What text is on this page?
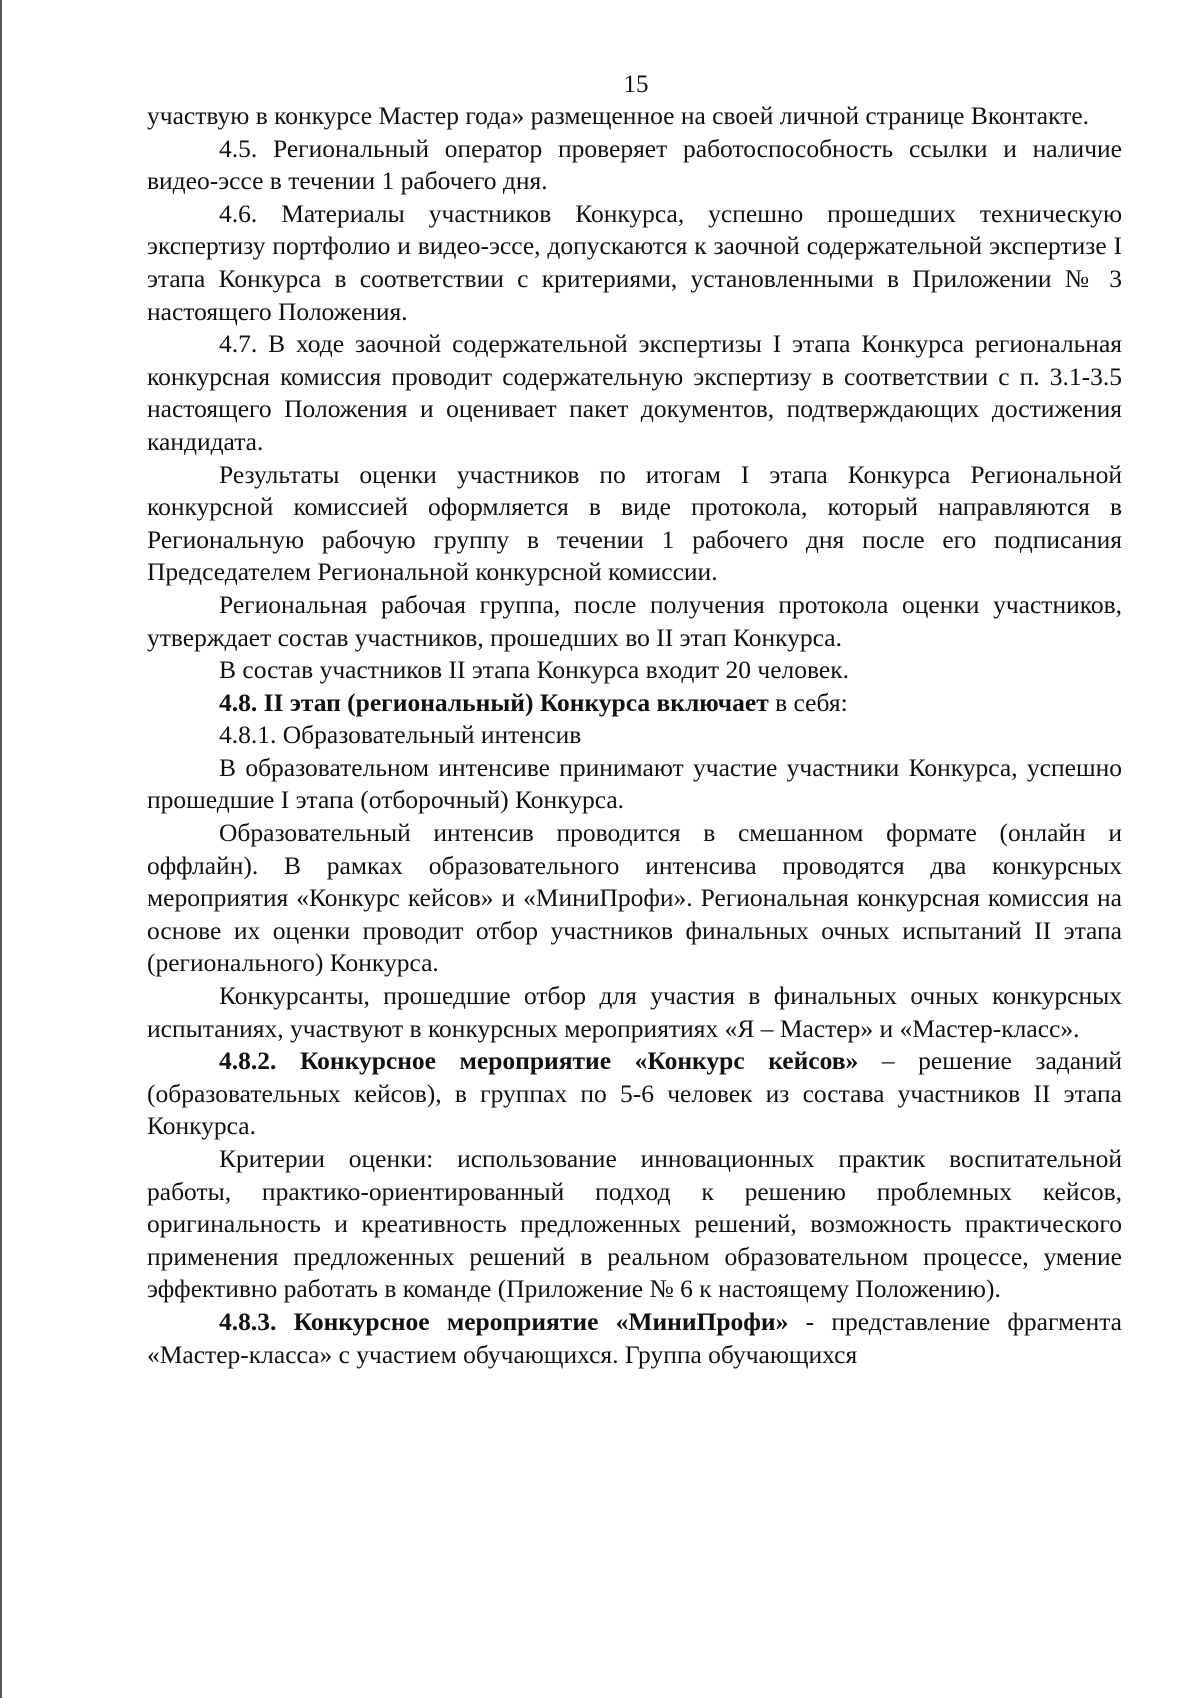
15

участвую в конкурсе Мастер года» размещенное на своей личной странице Вконтакте.

4.5. Региональный оператор проверяет работоспособность ссылки и наличие видео-эссе в течении 1 рабочего дня.

4.6. Материалы участников Конкурса, успешно прошедших техническую экспертизу портфолио и видео-эссе, допускаются к заочной содержательной экспертизе I этапа Конкурса в соответствии с критериями, установленными в Приложении № 3 настоящего Положения.

4.7. В ходе заочной содержательной экспертизы I этапа Конкурса региональная конкурсная комиссия проводит содержательную экспертизу в соответствии с п. 3.1-3.5 настоящего Положения и оценивает пакет документов, подтверждающих достижения кандидата.

Результаты оценки участников по итогам I этапа Конкурса Региональной конкурсной комиссией оформляется в виде протокола, который направляются в Региональную рабочую группу в течении 1 рабочего дня после его подписания Председателем Региональной конкурсной комиссии.

Региональная рабочая группа, после получения протокола оценки участников, утверждает состав участников, прошедших во II этап Конкурса.

В состав участников II этапа Конкурса входит 20 человек.

4.8. II этап (региональный) Конкурса включает в себя:

4.8.1. Образовательный интенсив

В образовательном интенсиве принимают участие участники Конкурса, успешно прошедшие I этапа (отборочный) Конкурса.

Образовательный интенсив проводится в смешанном формате (онлайн и оффлайн). В рамках образовательного интенсива проводятся два конкурсных мероприятия «Конкурс кейсов» и «МиниПрофи». Региональная конкурсная комиссия на основе их оценки проводит отбор участников финальных очных испытаний II этапа (регионального) Конкурса.

Конкурсанты, прошедшие отбор для участия в финальных очных конкурсных испытаниях, участвуют в конкурсных мероприятиях «Я – Мастер» и «Мастер-класс».

4.8.2. Конкурсное мероприятие «Конкурс кейсов» – решение заданий (образовательных кейсов), в группах по 5-6 человек из состава участников II этапа Конкурса.

Критерии оценки: использование инновационных практик воспитательной работы, практико-ориентированный подход к решению проблемных кейсов, оригинальность и креативность предложенных решений, возможность практического применения предложенных решений в реальном образовательном процессе, умение эффективно работать в команде (Приложение № 6 к настоящему Положению).

4.8.3. Конкурсное мероприятие «МиниПрофи» - представление фрагмента «Мастер-класса» с участием обучающихся. Группа обучающихся
